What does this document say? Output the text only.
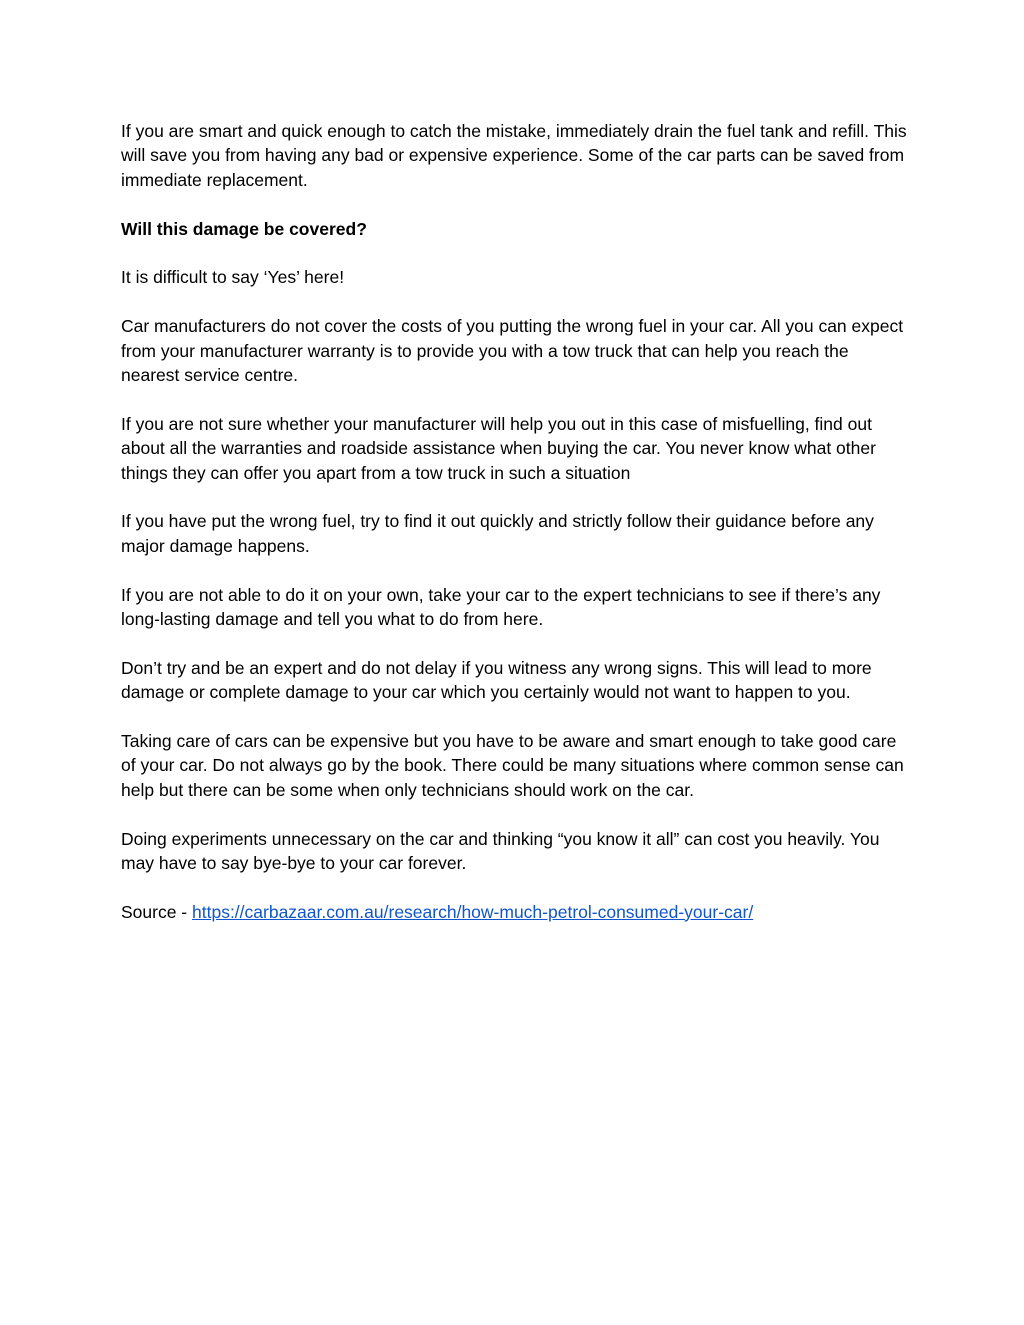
If you are smart and quick enough to catch the mistake, immediately drain the fuel tank and refill. This will save you from having any bad or expensive experience. Some of the car parts can be saved from immediate replacement.

Will this damage be covered?

It is difficult to say ‘Yes’ here!

Car manufacturers do not cover the costs of you putting the wrong fuel in your car. All you can expect from your manufacturer warranty is to provide you with a tow truck that can help you reach the nearest service centre.

If you are not sure whether your manufacturer will help you out in this case of misfuelling, find out about all the warranties and roadside assistance when buying the car. You never know what other things they can offer you apart from a tow truck in such a situation

If you have put the wrong fuel, try to find it out quickly and strictly follow their guidance before any major damage happens.

If you are not able to do it on your own, take your car to the expert technicians to see if there’s any long-lasting damage and tell you what to do from here.

Don’t try and be an expert and do not delay if you witness any wrong signs. This will lead to more damage or complete damage to your car which you certainly would not want to happen to you.

Taking care of cars can be expensive but you have to be aware and smart enough to take good care of your car. Do not always go by the book. There could be many situations where common sense can help but there can be some when only technicians should work on the car.

Doing experiments unnecessary on the car and thinking “you know it all” can cost you heavily. You may have to say bye-bye to your car forever.

Source - https://carbazaar.com.au/research/how-much-petrol-consumed-your-car/
